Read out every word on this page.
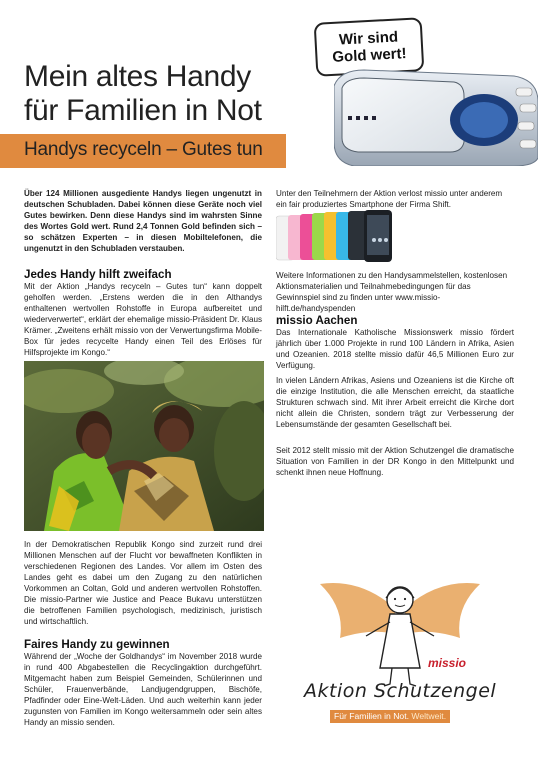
Wir sind
Gold wert!
Mein altes Handy
für Familien in Not
Handys recyceln – Gutes tun

Über 124 Millionen ausgediente Handys liegen ungenutzt in deutschen Schubladen. Dabei können diese Geräte noch viel Gutes bewirken. Denn diese Handys sind im wahrsten Sinne des Wortes Gold wert. Rund 2,4 Tonnen Gold befinden sich – so schätzen Experten – in diesen Mobiltelefonen, die ungenutzt in den Schubladen verstauben.

Jedes Handy hilft zweifach

Mit der Aktion „Handys recyceln – Gutes tun“ kann doppelt geholfen werden. „Erstens werden die in den Althandys enthaltenen wertvollen Rohstoffe in Europa aufbereitet und wiederverwertet“, erklärt der ehemalige missio-Präsident Dr. Klaus Krämer. „Zweitens erhält missio von der Verwertungsfirma Mobile-Box für jedes recycelte Handy einen Teil des Erlöses für Hilfsprojekte im Kongo.“

In der Demokratischen Republik Kongo sind zurzeit rund drei Millionen Menschen auf der Flucht vor bewaffneten Konflikten in verschiedenen Regionen des Landes. Vor allem im Osten des Landes geht es dabei um den Zugang zu den natürlichen Vorkommen an Coltan, Gold und anderen wertvollen Rohstoffen. Die missio-Partner wie Justice and Peace Bukavu unterstützen die betroffenen Familien psychologisch, medizinisch, juristisch und wirtschaftlich.

Faires Handy zu gewinnen

Während der „Woche der Goldhandys“ im November 2018 wurde in rund 400 Abgabestellen die Recyclingaktion durchgeführt. Mitgemacht haben zum Beispiel Gemeinden, Schülerinnen und Schüler, Frauenverbände, Landjugendgruppen, Bischöfe, Pfadfinder oder Eine-Welt-Läden. Und auch weiterhin kann jeder zugunsten von Familien im Kongo weitersammeln oder sein altes Handy an missio senden.

Unter den Teilnehmern der Aktion verlost missio unter anderem ein fair produziertes Smartphone der Firma Shift.

Weitere Informationen zu den Handysammelstellen, kostenlosen Aktionsmaterialien und Teilnahmebedingungen für das Gewinnspiel sind zu finden unter www.missio-hilft.de/handyspenden

missio Aachen

Das Internationale Katholische Missionswerk missio fördert jährlich über 1.000 Projekte in rund 100 Ländern in Afrika, Asien und Ozeanien. 2018 stellte missio dafür 46,5 Millionen Euro zur Verfügung.

In vielen Ländern Afrikas, Asiens und Ozeaniens ist die Kirche oft die einzige Institution, die alle Menschen erreicht, da staatliche Strukturen schwach sind. Mit ihrer Arbeit erreicht die Kirche dort nicht allein die Christen, sondern trägt zur Verbesserung der Lebensumstände der gesamten Gesellschaft bei.

Seit 2012 stellt missio mit der Aktion Schutzengel die dramatische Situation von Familien in der DR Kongo in den Mittelpunkt und schenkt ihnen neue Hoffnung.

missio
Aktion Schutzengel
Für Familien in Not. Weltweit.
